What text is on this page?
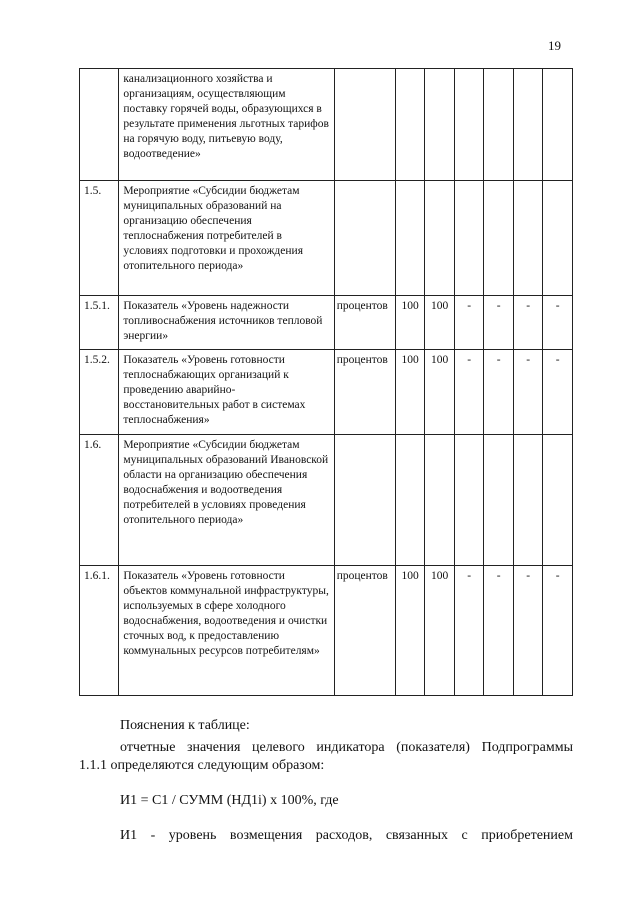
19
	канализационного хозяйства и организациям, осуществляющим поставку горячей воды, образующихся в результате применения льготных тарифов на горячую воду, питьевую воду, водоотведение»							
1.5.	Мероприятие «Субсидии бюджетам муниципальных образований на организацию обеспечения теплоснабжения потребителей в условиях подготовки и прохождения отопительного периода»							
1.5.1.	Показатель «Уровень надежности топливоснабжения источников тепловой энергии»	процентов	100	100	-	-	-	-
1.5.2.	Показатель «Уровень готовности теплоснабжающих организаций к проведению аварийно-восстановительных работ в системах теплоснабжения»	процентов	100	100	-	-	-	-
1.6.	Мероприятие «Субсидии бюджетам муниципальных образований Ивановской области на организацию обеспечения водоснабжения и водоотведения потребителей в условиях проведения отопительного периода»							
1.6.1.	Показатель «Уровень готовности объектов коммунальной инфраструктуры, используемых в сфере холодного водоснабжения, водоотведения и очистки сточных вод, к предоставлению коммунальных ресурсов потребителям»	процентов	100	100	-	-	-	-
Пояснения к таблице:
отчетные значения целевого индикатора (показателя) Подпрограммы
1.1.1 определяются следующим образом:
И1 = С1 / СУММ (НД1i) х 100%, где
И1 - уровень возмещения расходов, связанных с приобретением
